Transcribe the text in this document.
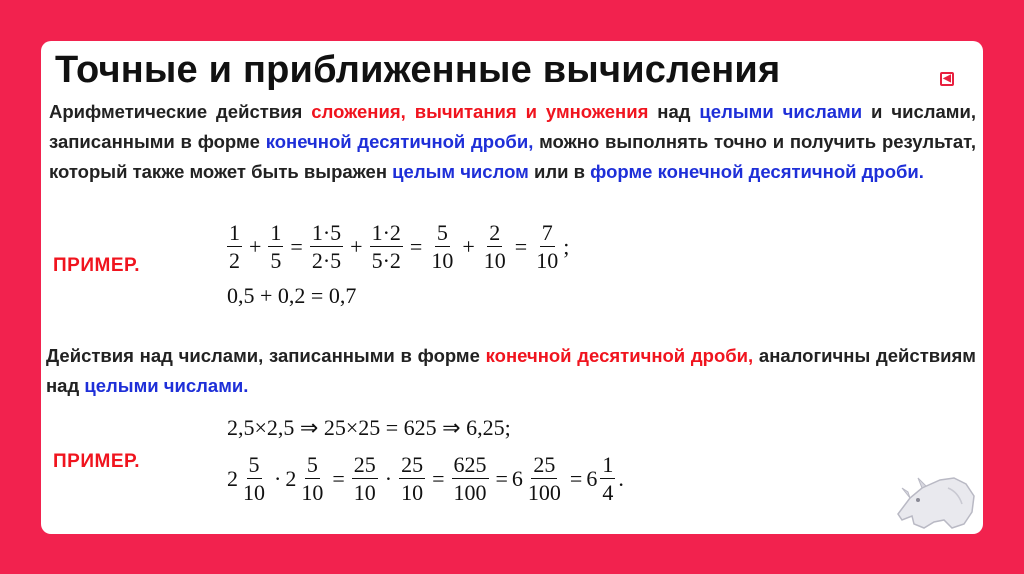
Точные и приближенные вычисления	◀

Арифметические действия сложения, вычитания и умножения над целыми числами и числами, записанными в форме конечной десятичной дроби, можно выполнять точно и получить результат, который также может быть выражен целым числом или в форме конечной десятичной дроби.

ПРИМЕР.	$\frac{1}{2} + \frac{1}{5} = \frac{1\cdot 5}{2\cdot 5} + \frac{1\cdot 2}{5\cdot 2} = \frac{5}{10} + \frac{2}{10} = \frac{7}{10}$ ;
0,5 + 0,2 = 0,7

Действия над числами, записанными в форме конечной десятичной дроби, аналогичны действиям над целыми числами.

2,5×2,5 ⇒ 25×25 = 625 ⇒ 6,25;
ПРИМЕР.
$2 \frac{5}{10} \cdot 2 \frac{5}{10} = \frac{25}{10} \cdot \frac{25}{10} = \frac{625}{100} = 6 \frac{25}{100} = 6 \frac{1}{4}$ .
